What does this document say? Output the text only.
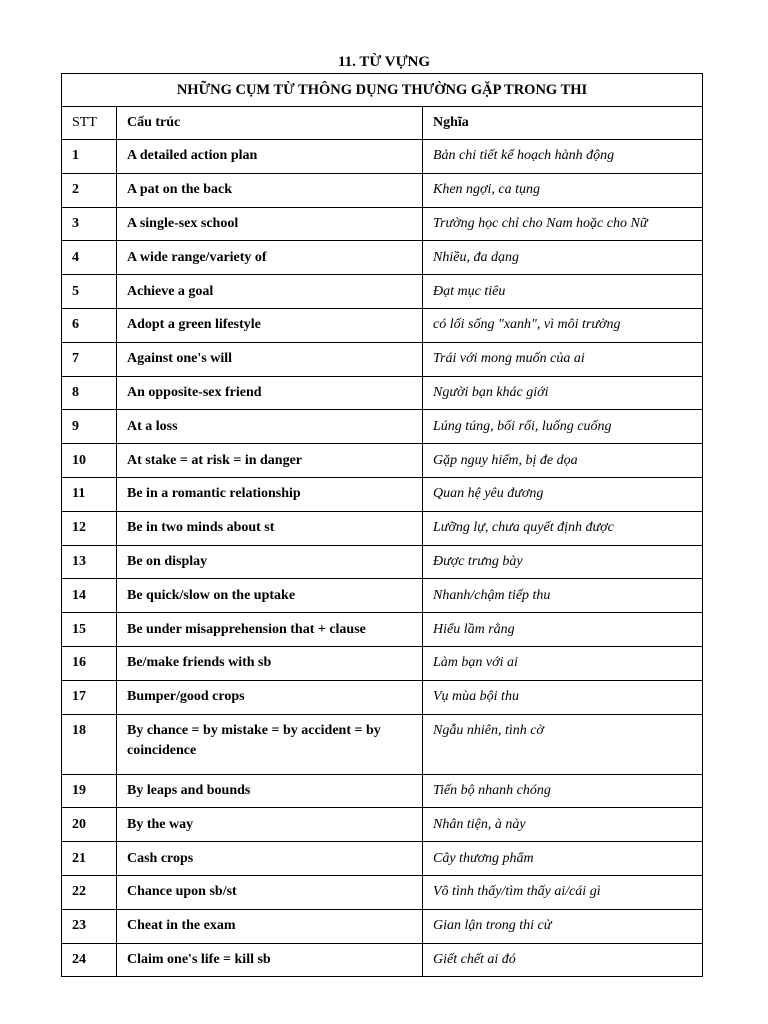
11. TỪ VỰNG
NHỮNG CỤM TỪ THÔNG DỤNG THƯỜNG GẶP TRONG THI		
STT	Cấu trúc	Nghĩa
1	A detailed action plan	Bản chi tiết kế hoạch hành động
2	A pat on the back	Khen ngợi, ca tụng
3	A single-sex school	Trường học chỉ cho Nam hoặc cho Nữ
4	A wide range/variety of	Nhiều, đa dạng
5	Achieve a goal	Đạt mục tiêu
6	Adopt a green lifestyle	có lối sống "xanh", vì môi trường
7	Against one's will	Trái với mong muốn của ai
8	An opposite-sex friend	Người bạn khác giới
9	At a loss	Lúng túng, bối rối, luống cuống
10	At stake = at risk = in danger	Gặp nguy hiểm, bị đe dọa
11	Be in a romantic relationship	Quan hệ yêu đương
12	Be in two minds about st	Lưỡng lự, chưa quyết định được
13	Be on display	Được trưng bày
14	Be quick/slow on the uptake	Nhanh/chậm tiếp thu
15	Be under misapprehension that + clause	Hiểu lầm rằng
16	Be/make friends with sb	Làm bạn với ai
17	Bumper/good crops	Vụ mùa bội thu
18	By chance = by mistake = by accident = by coincidence	Ngẫu nhiên, tình cờ
19	By leaps and bounds	Tiến bộ nhanh chóng
20	By the way	Nhân tiện, à này
21	Cash crops	Cây thương phẩm
22	Chance upon sb/st	Vô tình thấy/tìm thấy ai/cái gì
23	Cheat in the exam	Gian lận trong thi cử
24	Claim one's life = kill sb	Giết chết ai đó
